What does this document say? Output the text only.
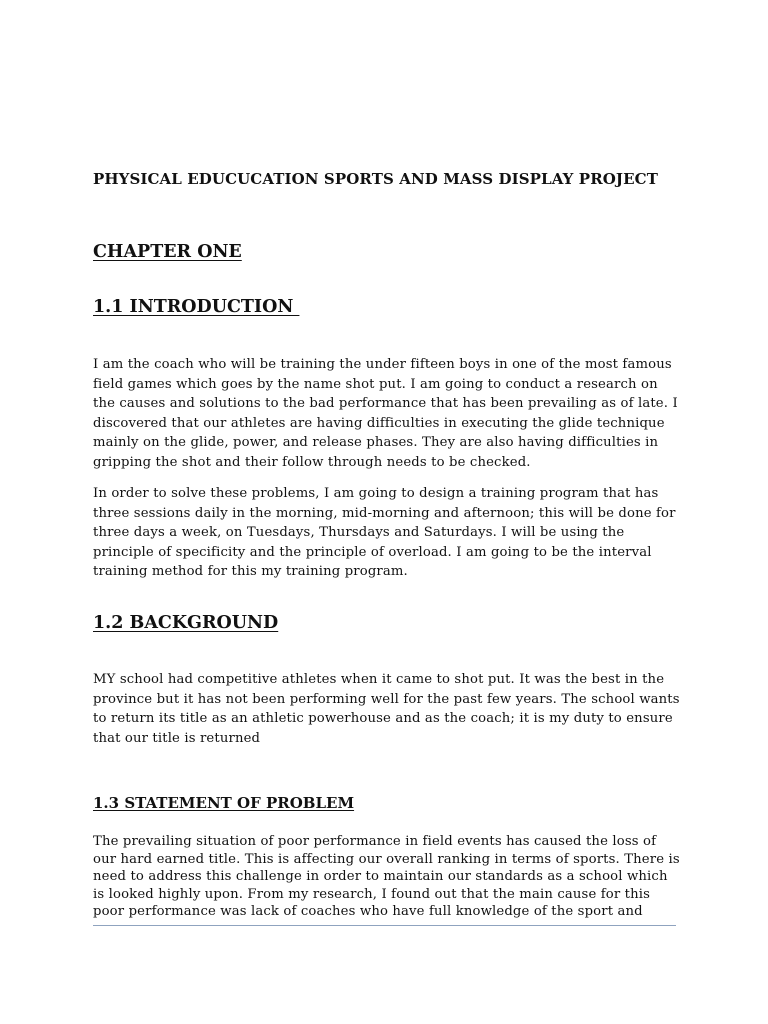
PHYSICAL EDUCUCATION SPORTS AND MASS DISPLAY PROJECT
CHAPTER ONE
1.1 INTRODUCTION

I am the coach who will be training the under fifteen boys in one of the most famous field games which goes by the name shot put. I am going to conduct a research on the causes and solutions to the bad performance that has been prevailing as of late. I discovered that our athletes are having difficulties in executing the glide technique mainly on the glide, power, and release phases. They are also having difficulties in gripping the shot and their follow through needs to be checked.

In order to solve these problems, I am going to design a training program that has three sessions daily in the morning, mid-morning and afternoon; this will be done for three days a week, on Tuesdays, Thursdays and Saturdays. I will be using the principle of specificity and the principle of overload. I am going to be the interval training method for this my training program.

1.2 BACKGROUND

MY school had competitive athletes when it came to shot put. It was the best in the province but it has not been performing well for the past few years. The school wants to return its title as an athletic powerhouse and as the coach; it is my duty to ensure that our title is returned

1.3 STATEMENT OF PROBLEM

The prevailing situation of poor performance in field events has caused the loss of our hard earned title. This is affecting our overall ranking in terms of sports. There is need to address this challenge in order to maintain our standards as a school which is looked highly upon. From my research, I found out that the main cause for this poor performance was lack of coaches who have full knowledge of the sport and
